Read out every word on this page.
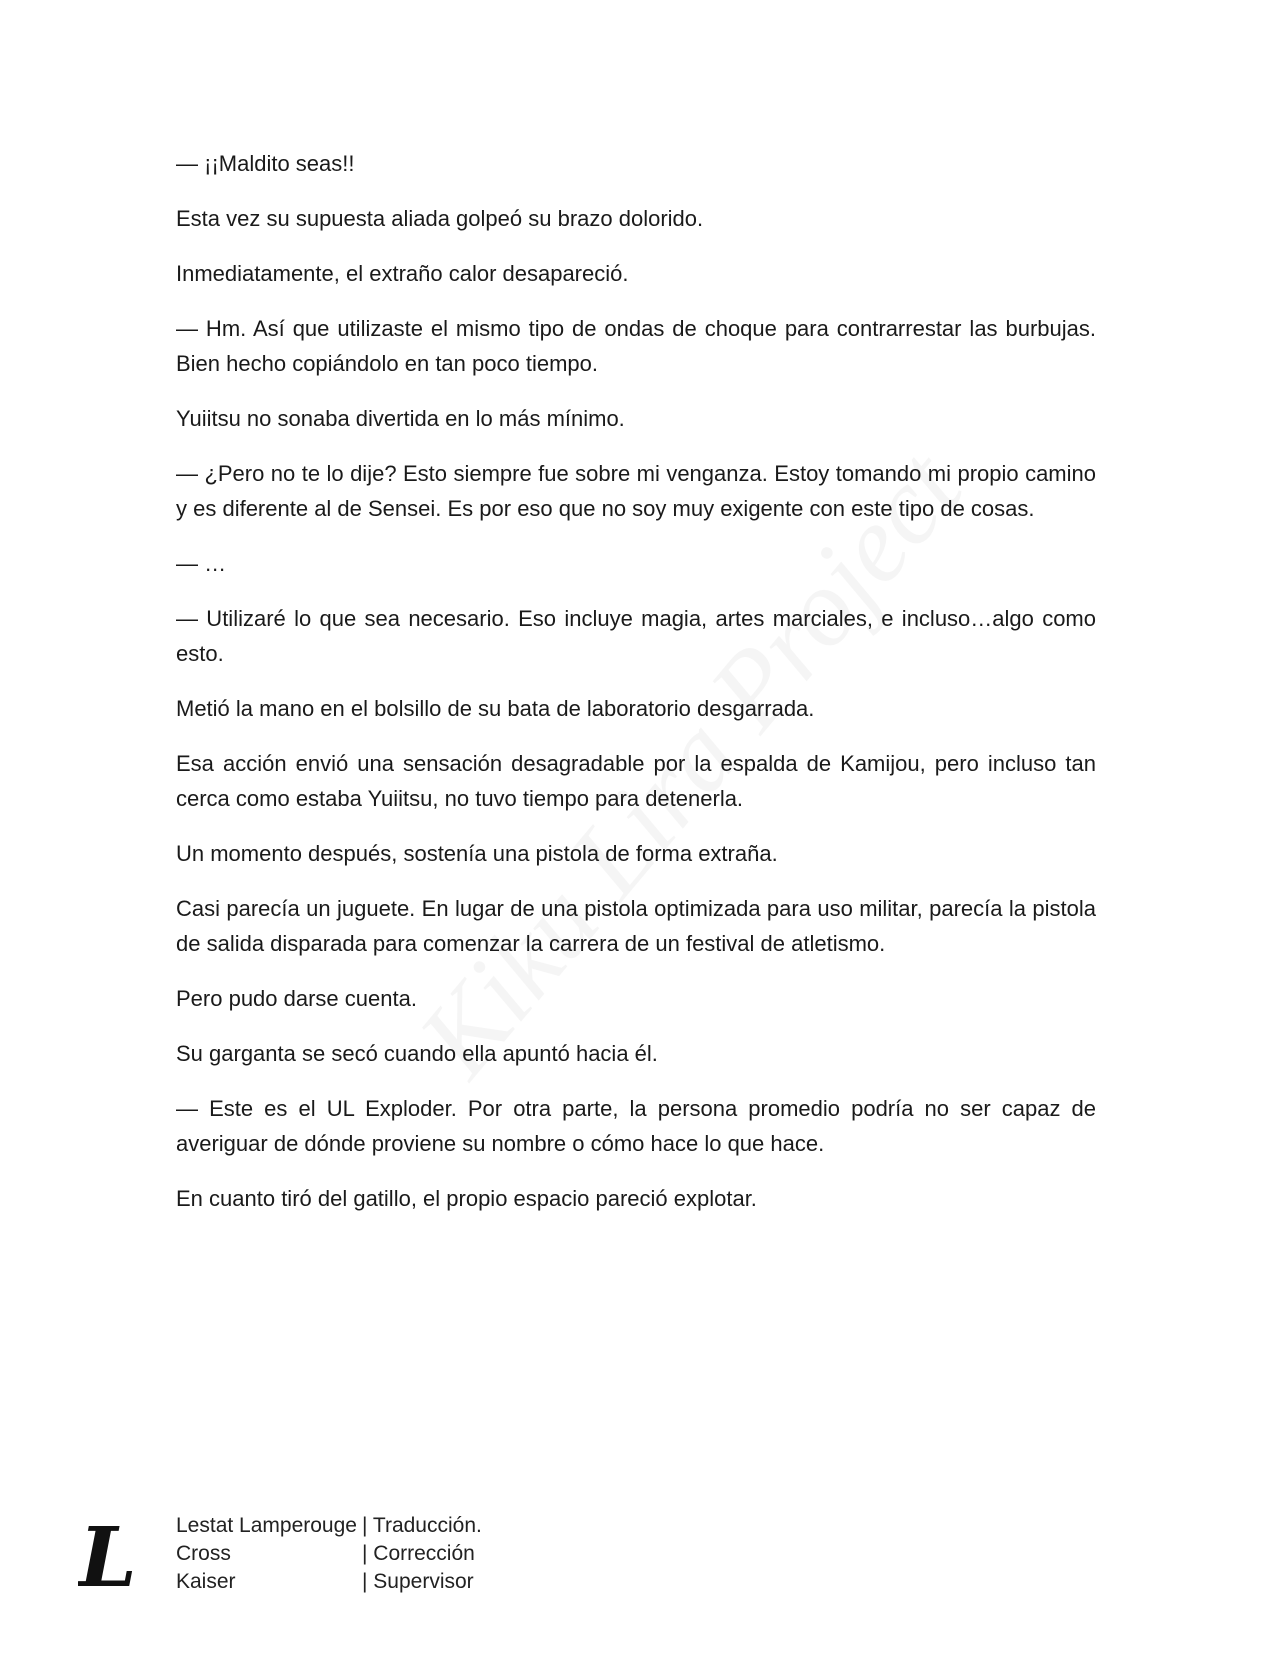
— ¡¡Maldito seas!!

Esta vez su supuesta aliada golpeó su brazo dolorido.

Inmediatamente, el extraño calor desapareció.

— Hm. Así que utilizaste el mismo tipo de ondas de choque para contrarrestar las burbujas. Bien hecho copiándolo en tan poco tiempo.

Yuiitsu no sonaba divertida en lo más mínimo.

— ¿Pero no te lo dije? Esto siempre fue sobre mi venganza. Estoy tomando mi propio camino y es diferente al de Sensei. Es por eso que no soy muy exigente con este tipo de cosas.

— …

— Utilizaré lo que sea necesario. Eso incluye magia, artes marciales, e incluso…algo como esto.

Metió la mano en el bolsillo de su bata de laboratorio desgarrada.

Esa acción envió una sensación desagradable por la espalda de Kamijou, pero incluso tan cerca como estaba Yuiitsu, no tuvo tiempo para detenerla.

Un momento después, sostenía una pistola de forma extraña.

Casi parecía un juguete. En lugar de una pistola optimizada para uso militar, parecía la pistola de salida disparada para comenzar la carrera de un festival de atletismo.

Pero pudo darse cuenta.

Su garganta se secó cuando ella apuntó hacia él.

— Este es el UL Exploder. Por otra parte, la persona promedio podría no ser capaz de averiguar de dónde proviene su nombre o cómo hace lo que hace.

En cuanto tiró del gatillo, el propio espacio pareció explotar.

L Lestat Lamperouge | Traducción.
Cross	| Corrección
Kaiser	| Supervisor
